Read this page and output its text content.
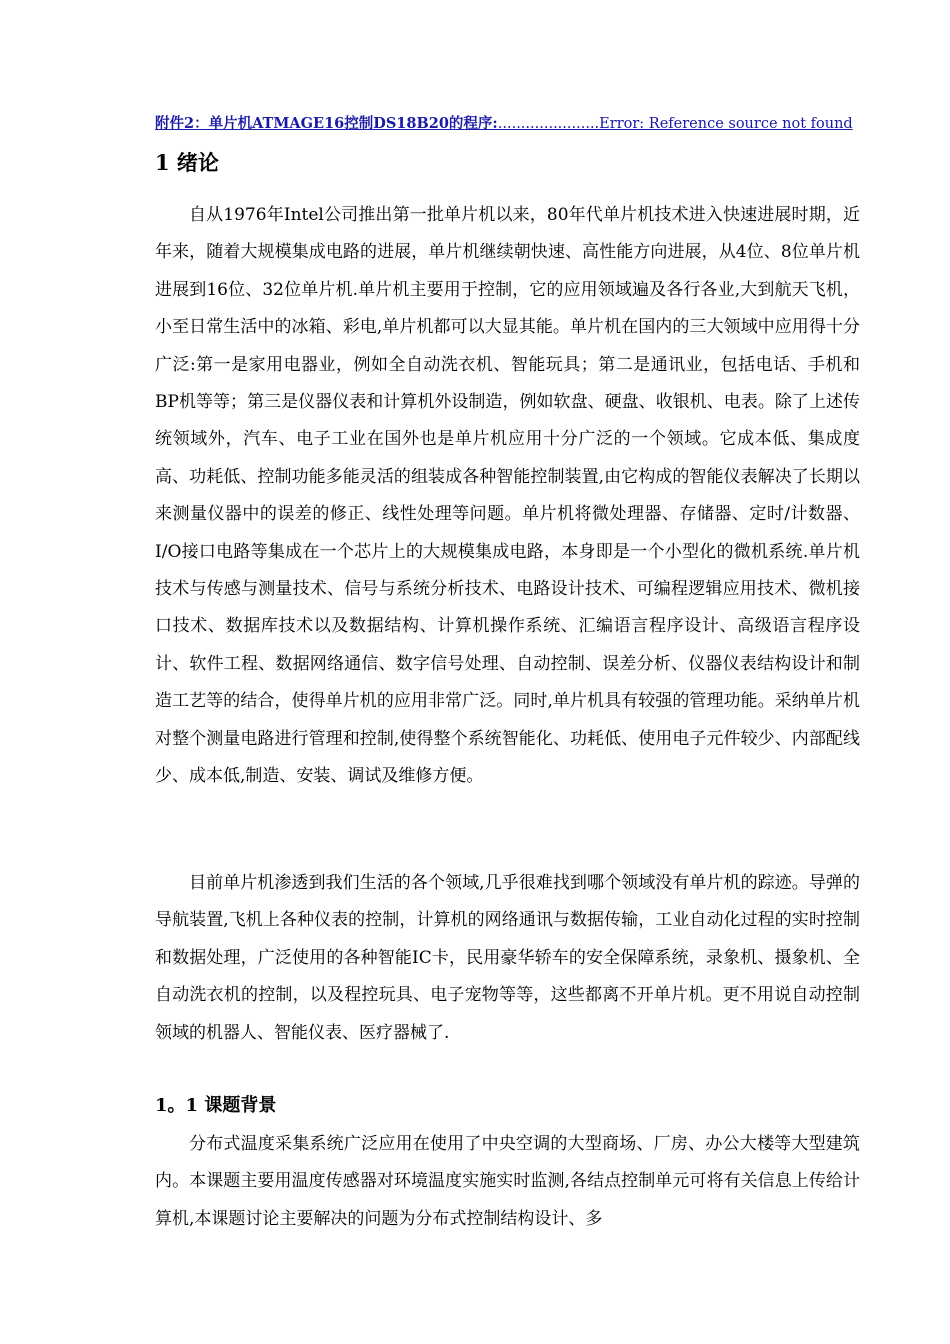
附件2：单片机ATMAGE16控制DS18B20的程序:......................Error: Reference source not found
1 绪论

自从1976年Intel公司推出第一批单片机以来，80年代单片机技术进入快速进展时期，近年来，随着大规模集成电路的进展，单片机继续朝快速、高性能方向进展，从4位、8位单片机进展到16位、32位单片机.单片机主要用于控制，它的应用领域遍及各行各业,大到航天飞机，小至日常生活中的冰箱、彩电,单片机都可以大显其能。单片机在国内的三大领域中应用得十分广泛:第一是家用电器业，例如全自动洗衣机、智能玩具；第二是通讯业，包括电话、手机和BP机等等；第三是仪器仪表和计算机外设制造，例如软盘、硬盘、收银机、电表。除了上述传统领域外，汽车、电子工业在国外也是单片机应用十分广泛的一个领域。它成本低、集成度高、功耗低、控制功能多能灵活的组装成各种智能控制装置,由它构成的智能仪表解决了长期以来测量仪器中的误差的修正、线性处理等问题。单片机将微处理器、存储器、定时/计数器、I/O接口电路等集成在一个芯片上的大规模集成电路，本身即是一个小型化的微机系统.单片机技术与传感与测量技术、信号与系统分析技术、电路设计技术、可编程逻辑应用技术、微机接口技术、数据库技术以及数据结构、计算机操作系统、汇编语言程序设计、高级语言程序设计、软件工程、数据网络通信、数字信号处理、自动控制、误差分析、仪器仪表结构设计和制造工艺等的结合，使得单片机的应用非常广泛。同时,单片机具有较强的管理功能。采纳单片机对整个测量电路进行管理和控制,使得整个系统智能化、功耗低、使用电子元件较少、内部配线少、成本低,制造、安装、调试及维修方便。

目前单片机渗透到我们生活的各个领域,几乎很难找到哪个领域没有单片机的踪迹。导弹的导航装置,飞机上各种仪表的控制，计算机的网络通讯与数据传输，工业自动化过程的实时控制和数据处理，广泛使用的各种智能IC卡，民用豪华轿车的安全保障系统，录象机、摄象机、全自动洗衣机的控制，以及程控玩具、电子宠物等等，这些都离不开单片机。更不用说自动控制领域的机器人、智能仪表、医疗器械了.

1。1 课题背景

分布式温度采集系统广泛应用在使用了中央空调的大型商场、厂房、办公大楼等大型建筑内。本课题主要用温度传感器对环境温度实施实时监测,各结点控制单元可将有关信息上传给计算机,本课题讨论主要解决的问题为分布式控制结构设计、多
